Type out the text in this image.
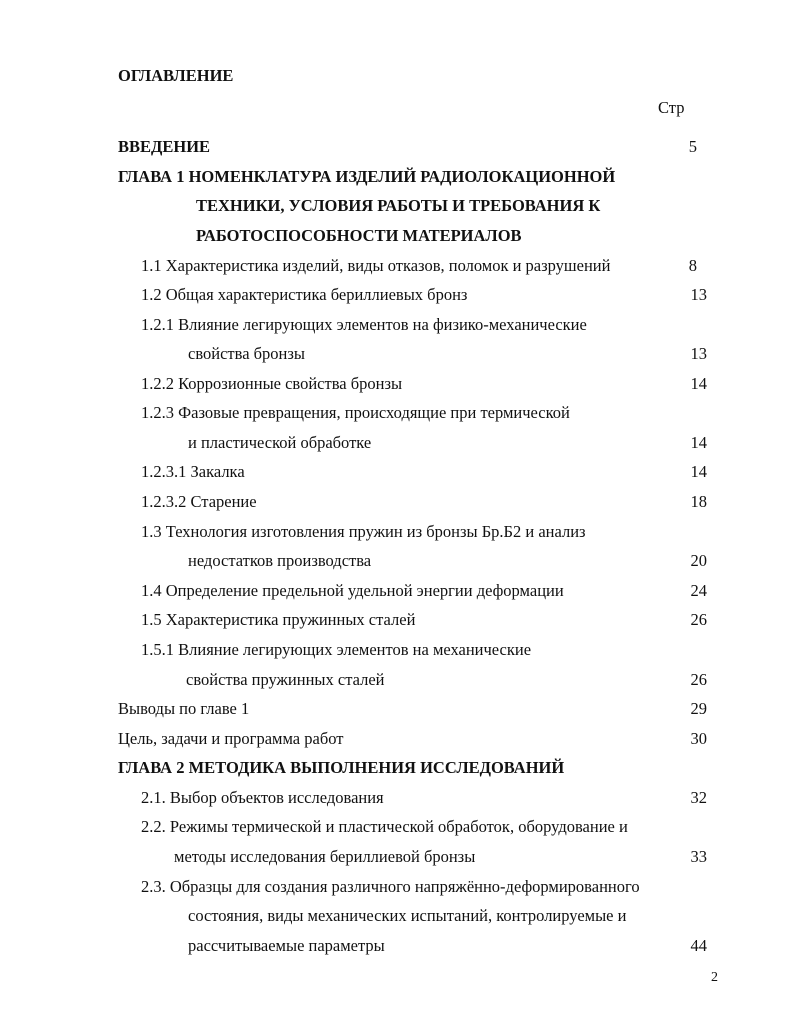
ОГЛАВЛЕНИЕ
Стр
ВВЕДЕНИЕ	5
ГЛАВА 1 НОМЕНКЛАТУРА ИЗДЕЛИЙ РАДИОЛОКАЦИОННОЙ
ТЕХНИКИ, УСЛОВИЯ РАБОТЫ И ТРЕБОВАНИЯ К
РАБОТОСПОСОБНОСТИ МАТЕРИАЛОВ
1.1 Характеристика изделий, виды отказов, поломок и разрушений	8
1.2 Общая характеристика бериллиевых бронз	13
1.2.1 Влияние легирующих элементов на физико-механические
свойства бронзы	13
1.2.2 Коррозионные свойства бронзы	14
1.2.3 Фазовые превращения, происходящие при термической
и пластической обработке	14
1.2.3.1 Закалка	14
1.2.3.2 Старение	18
1.3 Технология изготовления пружин из бронзы Бр.Б2 и анализ
недостатков производства	20
1.4 Определение предельной удельной энергии деформации	24
1.5 Характеристика пружинных сталей	26
1.5.1 Влияние легирующих элементов на механические
свойства пружинных сталей	26
Выводы по главе 1	29
Цель, задачи и программа работ	30
ГЛАВА 2 МЕТОДИКА ВЫПОЛНЕНИЯ ИССЛЕДОВАНИЙ
2.1. Выбор объектов исследования	32
2.2. Режимы термической и пластической обработок, оборудование и
методы исследования бериллиевой бронзы	33
2.3. Образцы для создания различного напряжённо-деформированного
состояния, виды механических испытаний, контролируемые и
рассчитываемые параметры	44
2
